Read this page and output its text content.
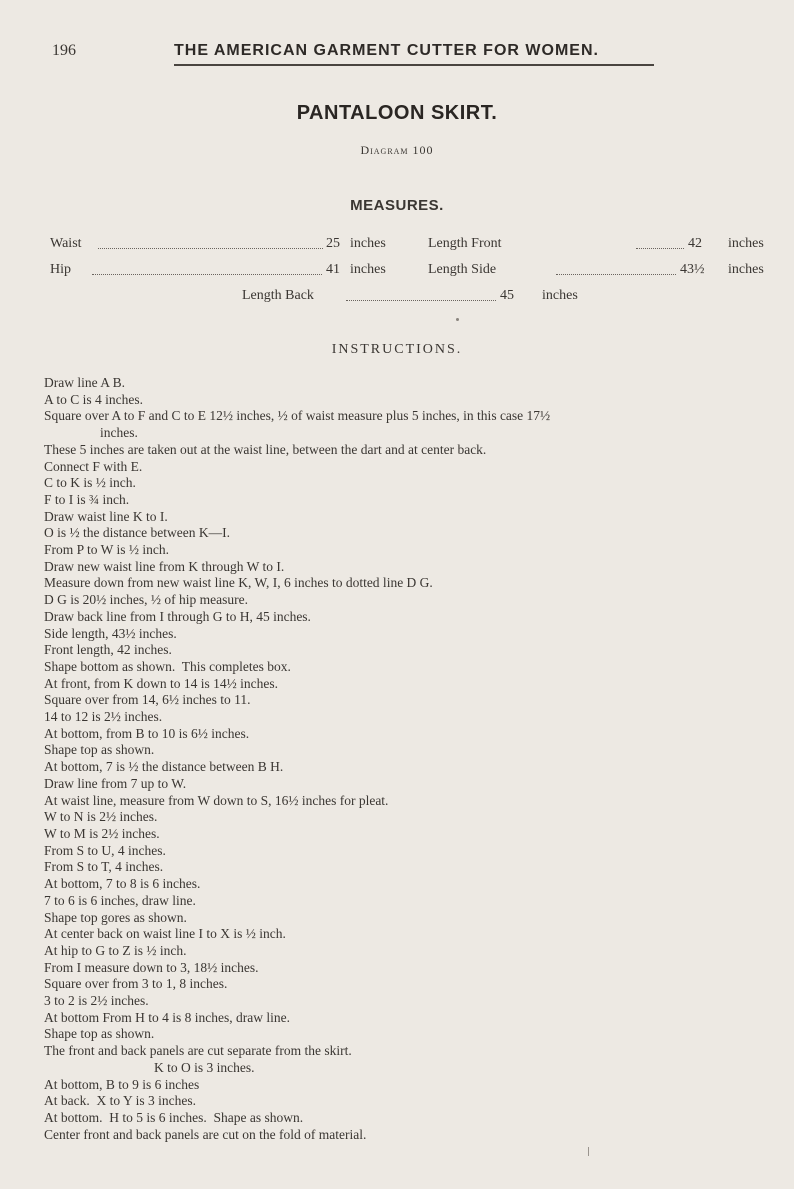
196	THE AMERICAN GARMENT CUTTER FOR WOMEN.
PANTALOON SKIRT.
Diagram 100
MEASURES.
Waist	25 inches	Length Front	42 inches
Hip	41 inches	Length Side	43½ inches
Length Back	45 inches
INSTRUCTIONS.
Draw line A B.
A to C is 4 inches.
Square over A to F and C to E 12½ inches, ½ of waist measure plus 5 inches, in this case 17½
inches.
These 5 inches are taken out at the waist line, between the dart and at center back.
Connect F with E.
C to K is ½ inch.
F to I is ¾ inch.
Draw waist line K to I.
O is ½ the distance between K—I.
From P to W is ½ inch.
Draw new waist line from K through W to I.
Measure down from new waist line K, W, I, 6 inches to dotted line D G.
D G is 20½ inches, ½ of hip measure.
Draw back line from I through G to H, 45 inches.
Side length, 43½ inches.
Front length, 42 inches.
Shape bottom as shown.  This completes box.
At front, from K down to 14 is 14½ inches.
Square over from 14, 6½ inches to 11.
14 to 12 is 2½ inches.
At bottom, from B to 10 is 6½ inches.
Shape top as shown.
At bottom, 7 is ½ the distance between B H.
Draw line from 7 up to W.
At waist line, measure from W down to S, 16½ inches for pleat.
W to N is 2½ inches.
W to M is 2½ inches.
From S to U, 4 inches.
From S to T, 4 inches.
At bottom, 7 to 8 is 6 inches.
7 to 6 is 6 inches, draw line.
Shape top gores as shown.
At center back on waist line I to X is ½ inch.
At hip to G to Z is ½ inch.
From I measure down to 3, 18½ inches.
Square over from 3 to 1, 8 inches.
3 to 2 is 2½ inches.
At bottom From H to 4 is 8 inches, draw line.
Shape top as shown.
The front and back panels are cut separate from the skirt.
K to O is 3 inches.
At bottom, B to 9 is 6 inches
At back.  X to Y is 3 inches.
At bottom.  H to 5 is 6 inches.  Shape as shown.
Center front and back panels are cut on the fold of material.
